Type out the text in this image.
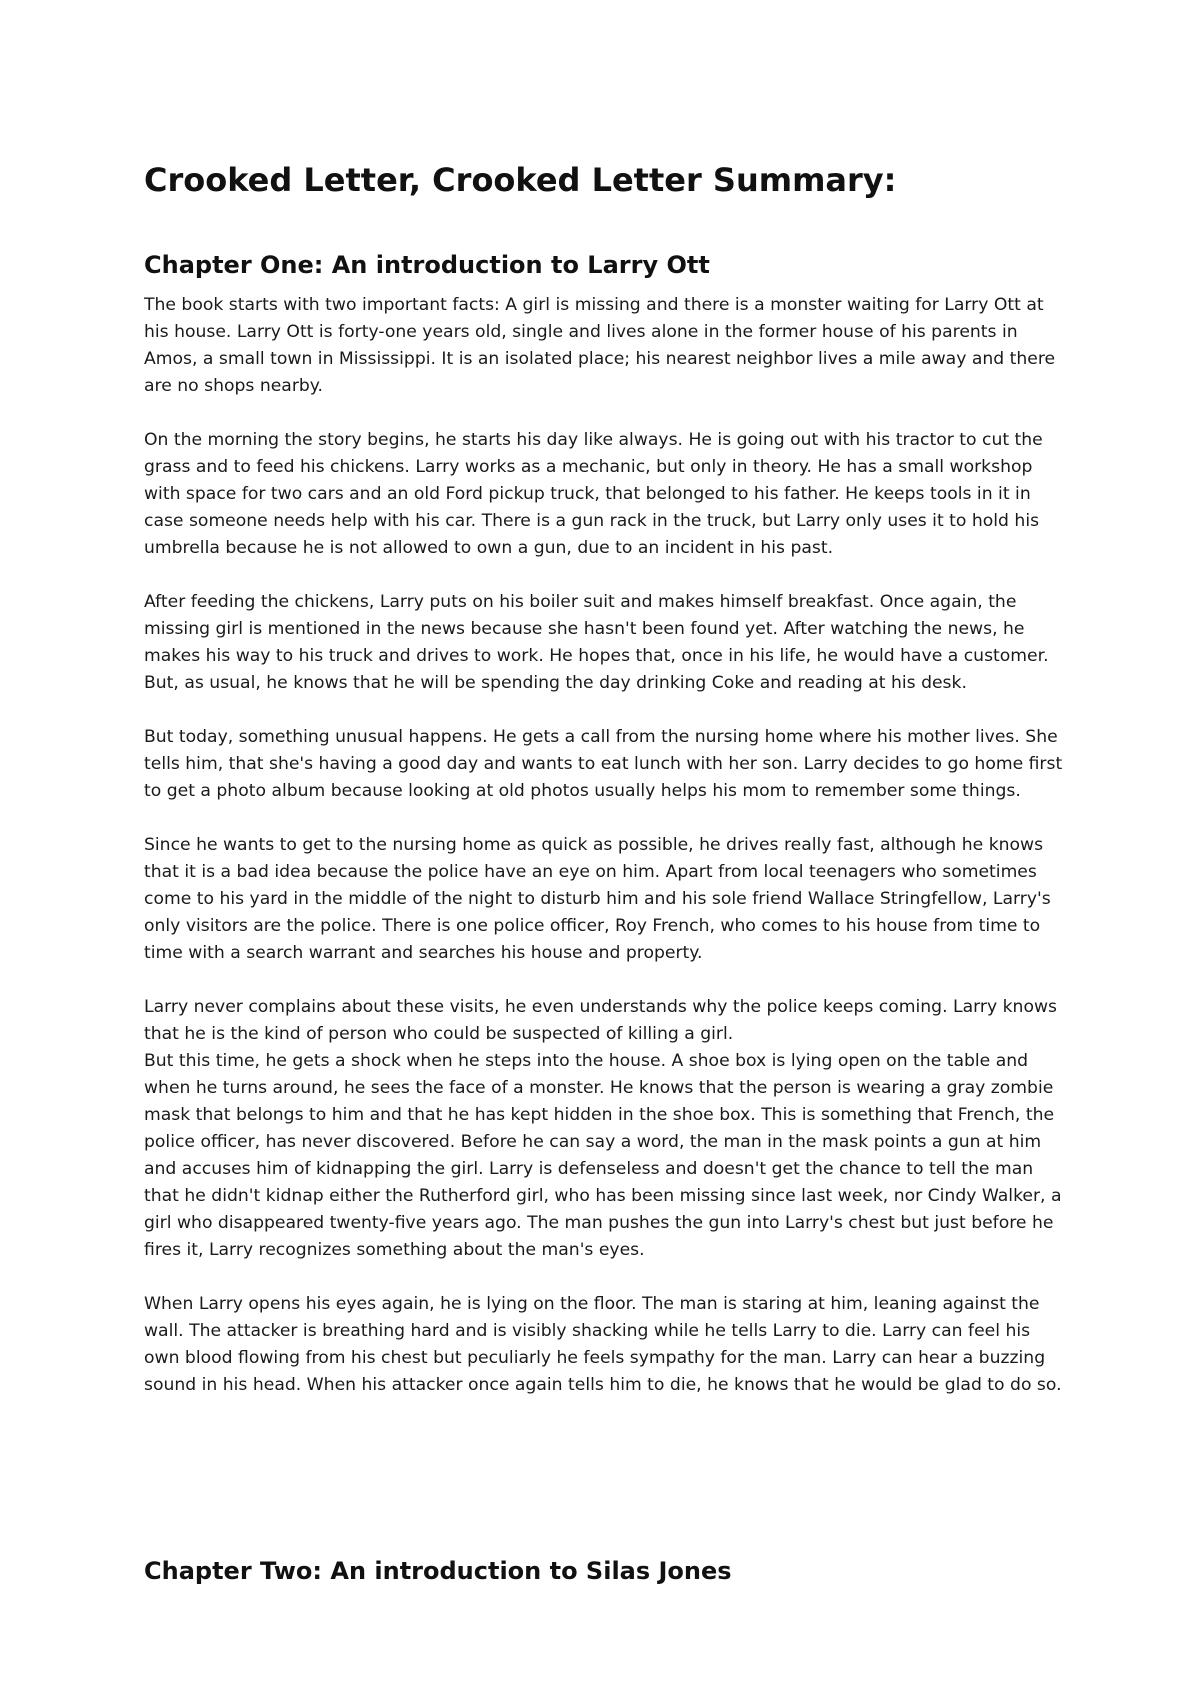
Crooked Letter, Crooked Letter Summary:
Chapter One: An introduction to Larry Ott

The book starts with two important facts: A girl is missing and there is a monster waiting for Larry Ott at his house. Larry Ott is forty-one years old, single and lives alone in the former house of his parents in Amos, a small town in Mississippi. It is an isolated place; his nearest neighbor lives a mile away and there are no shops nearby.

On the morning the story begins, he starts his day like always. He is going out with his tractor to cut the grass and to feed his chickens. Larry works as a mechanic, but only in theory. He has a small workshop with space for two cars and an old Ford pickup truck, that belonged to his father. He keeps tools in it in case someone needs help with his car. There is a gun rack in the truck, but Larry only uses it to hold his umbrella because he is not allowed to own a gun, due to an incident in his past.

After feeding the chickens, Larry puts on his boiler suit and makes himself breakfast. Once again, the missing girl is mentioned in the news because she hasn't been found yet. After watching the news, he makes his way to his truck and drives to work. He hopes that, once in his life, he would have a customer. But, as usual, he knows that he will be spending the day drinking Coke and reading at his desk.

But today, something unusual happens. He gets a call from the nursing home where his mother lives. She tells him, that she's having a good day and wants to eat lunch with her son. Larry decides to go home first to get a photo album because looking at old photos usually helps his mom to remember some things.

Since he wants to get to the nursing home as quick as possible, he drives really fast, although he knows that it is a bad idea because the police have an eye on him. Apart from local teenagers who sometimes come to his yard in the middle of the night to disturb him and his sole friend Wallace Stringfellow, Larry's only visitors are the police. There is one police officer, Roy French, who comes to his house from time to time with a search warrant and searches his house and property.

Larry never complains about these visits, he even understands why the police keeps coming. Larry knows that he is the kind of person who could be suspected of killing a girl.

But this time, he gets a shock when he steps into the house. A shoe box is lying open on the table and when he turns around, he sees the face of a monster. He knows that the person is wearing a gray zombie mask that belongs to him and that he has kept hidden in the shoe box. This is something that French, the police officer, has never discovered. Before he can say a word, the man in the mask points a gun at him and accuses him of kidnapping the girl. Larry is defenseless and doesn't get the chance to tell the man that he didn't kidnap either the Rutherford girl, who has been missing since last week, nor Cindy Walker, a girl who disappeared twenty-five years ago. The man pushes the gun into Larry's chest but just before he fires it, Larry recognizes something about the man's eyes.

When Larry opens his eyes again, he is lying on the floor. The man is staring at him, leaning against the wall. The attacker is breathing hard and is visibly shacking while he tells Larry to die. Larry can feel his own blood flowing from his chest but peculiarly he feels sympathy for the man. Larry can hear a buzzing sound in his head. When his attacker once again tells him to die, he knows that he would be glad to do so.

Chapter Two: An introduction to Silas Jones
